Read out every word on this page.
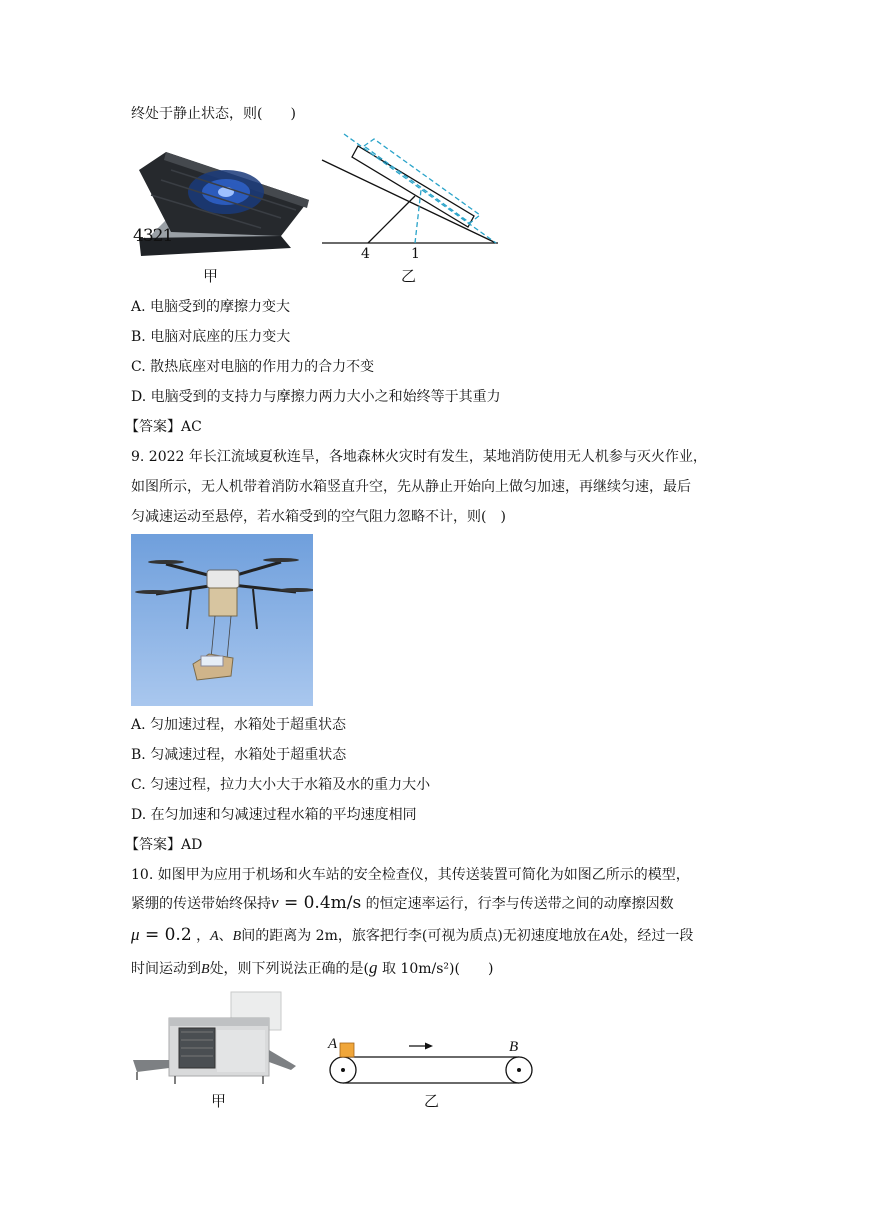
终处于静止状态，则(　　)
4321
甲
4	1
乙
A. 电脑受到的摩擦力变大
B. 电脑对底座的压力变大
C. 散热底座对电脑的作用力的合力不变
D. 电脑受到的支持力与摩擦力两力大小之和始终等于其重力
【答案】AC
9. 2022 年长江流域夏秋连旱，各地森林火灾时有发生，某地消防使用无人机参与灭火作业，
如图所示，无人机带着消防水箱竖直升空，先从静止开始向上做匀加速，再继续匀速，最后
匀减速运动至悬停，若水箱受到的空气阻力忽略不计，则(　)
A. 匀加速过程，水箱处于超重状态
B. 匀减速过程，水箱处于超重状态
C. 匀速过程，拉力大小大于水箱及水的重力大小
D. 在匀加速和匀减速过程水箱的平均速度相同
【答案】AD
10. 如图甲为应用于机场和火车站的安全检查仪，其传送装置可简化为如图乙所示的模型，
紧绷的传送带始终保持v = 0.4m/s 的恒定速率运行，行李与传送带之间的动摩擦因数
μ = 0.2 ，A、B间的距离为 2m，旅客把行李(可视为质点)无初速度地放在A处，经过一段
时间运动到B处，则下列说法正确的是(g 取 10m/s²)(　　)
甲
A	B
乙
